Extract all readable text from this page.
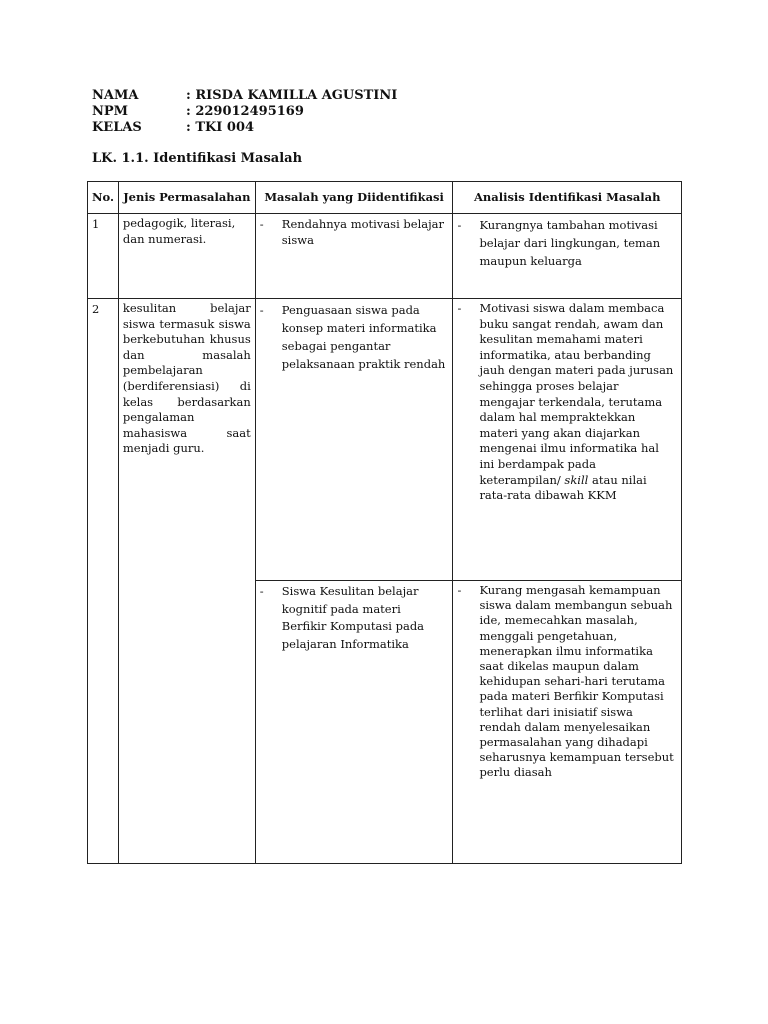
NAMA	: RISDA KAMILLA AGUSTINI
NPM	: 229012495169
KELAS	: TKI 004
LK. 1.1. Identifikasi Masalah
No.	Jenis Permasalahan	Masalah yang Diidentifikasi	Analisis Identifikasi Masalah
1	pedagogik, literasi, dan numerasi.	- Rendahnya motivasi belajar siswa	- Kurangnya tambahan motivasi belajar dari lingkungan, teman maupun keluarga

2	kesulitan belajar siswa termasuk siswa berkebutuhan khusus dan masalah pembelajaran (berdiferensiasi) di kelas berdasarkan pengalaman mahasiswa saat menjadi guru.	- Penguasaan siswa pada konsep materi informatika sebagai pengantar pelaksanaan praktik rendah	- Motivasi siswa dalam membaca buku sangat rendah, awam dan kesulitan memahami materi informatika, atau berbanding jauh dengan materi pada jurusan sehingga proses belajar mengajar terkendala, terutama dalam hal mempraktekkan materi yang akan diajarkan mengenai ilmu informatika hal ini berdampak pada keterampilan/ skill atau nilai rata-rata dibawah KKM

		- Siswa Kesulitan belajar kognitif pada materi Berfikir Komputasi pada pelajaran Informatika	- Kurang mengasah kemampuan siswa dalam membangun sebuah ide, memecahkan masalah, menggali pengetahuan, menerapkan ilmu informatika saat dikelas maupun dalam kehidupan sehari-hari terutama pada materi Berfikir Komputasi terlihat dari inisiatif siswa rendah dalam menyelesaikan permasalahan yang dihadapi seharusnya kemampuan tersebut perlu diasah
